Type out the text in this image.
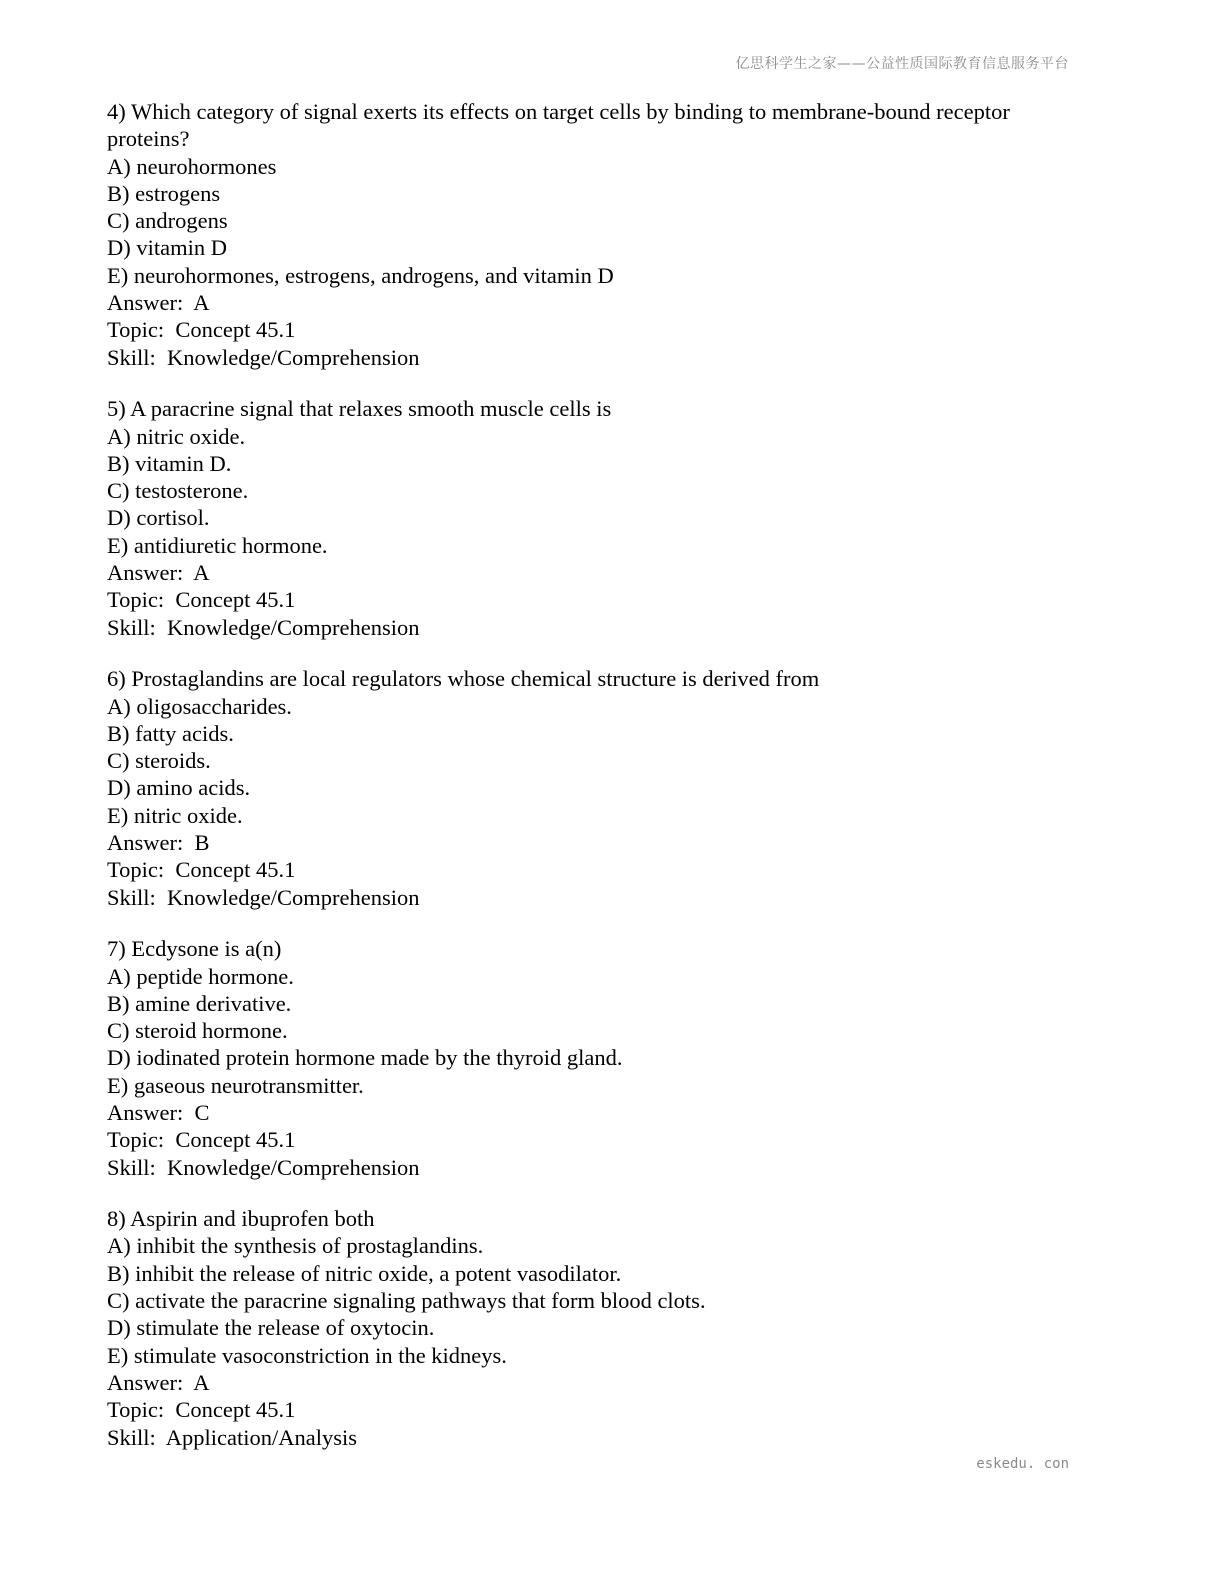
亿思科学生之家——公益性质国际教育信息服务平台
4) Which category of signal exerts its effects on target cells by binding to membrane-bound receptor proteins?
A) neurohormones
B) estrogens
C) androgens
D) vitamin D
E) neurohormones, estrogens, androgens, and vitamin D
Answer:  A
Topic:  Concept 45.1
Skill:  Knowledge/Comprehension
5) A paracrine signal that relaxes smooth muscle cells is
A) nitric oxide.
B) vitamin D.
C) testosterone.
D) cortisol.
E) antidiuretic hormone.
Answer:  A
Topic:  Concept 45.1
Skill:  Knowledge/Comprehension
6) Prostaglandins are local regulators whose chemical structure is derived from
A) oligosaccharides.
B) fatty acids.
C) steroids.
D) amino acids.
E) nitric oxide.
Answer:  B
Topic:  Concept 45.1
Skill:  Knowledge/Comprehension
7) Ecdysone is a(n)
A) peptide hormone.
B) amine derivative.
C) steroid hormone.
D) iodinated protein hormone made by the thyroid gland.
E) gaseous neurotransmitter.
Answer:  C
Topic:  Concept 45.1
Skill:  Knowledge/Comprehension
8) Aspirin and ibuprofen both
A) inhibit the synthesis of prostaglandins.
B) inhibit the release of nitric oxide, a potent vasodilator.
C) activate the paracrine signaling pathways that form blood clots.
D) stimulate the release of oxytocin.
E) stimulate vasoconstriction in the kidneys.
Answer:  A
Topic:  Concept 45.1
Skill:  Application/Analysis
eskedu. con
